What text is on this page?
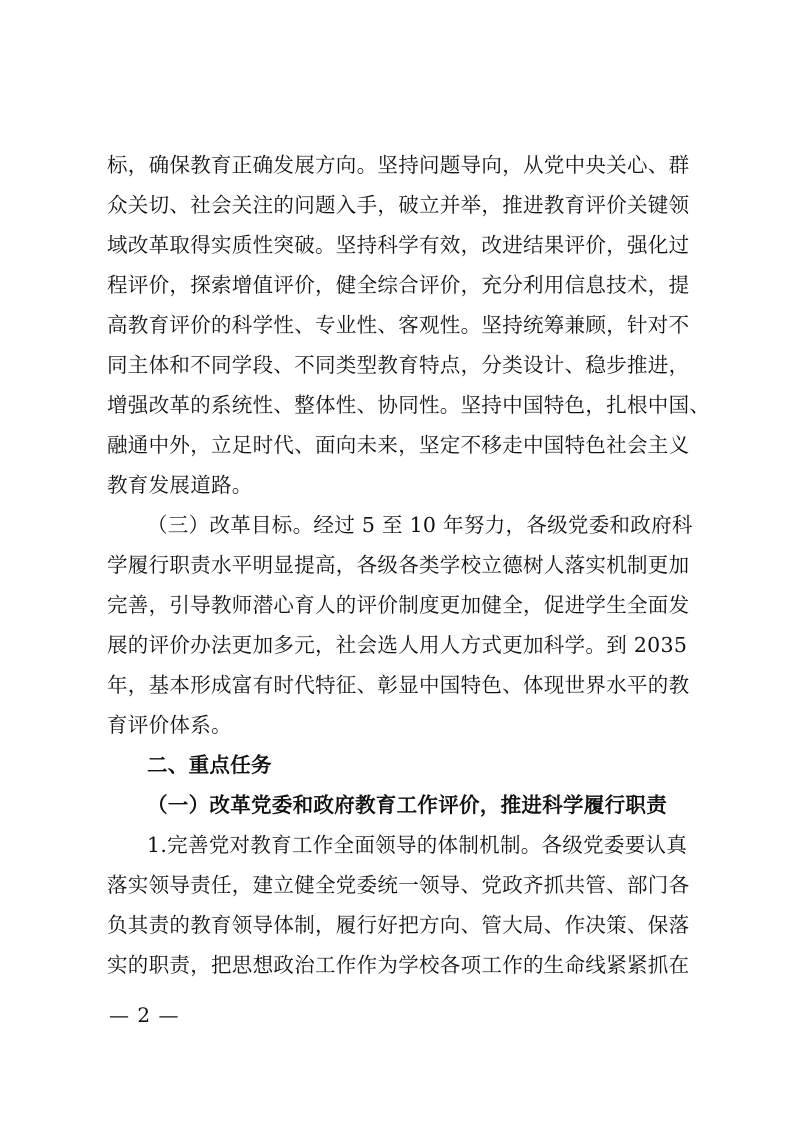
标，确保教育正确发展方向。坚持问题导向，从党中央关心、群
众关切、社会关注的问题入手，破立并举，推进教育评价关键领
域改革取得实质性突破。坚持科学有效，改进结果评价，强化过
程评价，探索增值评价，健全综合评价，充分利用信息技术，提
高教育评价的科学性、专业性、客观性。坚持统筹兼顾，针对不
同主体和不同学段、不同类型教育特点，分类设计、稳步推进，
增强改革的系统性、整体性、协同性。坚持中国特色，扎根中国、
融通中外，立足时代、面向未来，坚定不移走中国特色社会主义
教育发展道路。
（三）改革目标。经过 5 至 10 年努力，各级党委和政府科
学履行职责水平明显提高，各级各类学校立德树人落实机制更加
完善，引导教师潜心育人的评价制度更加健全，促进学生全面发
展的评价办法更加多元，社会选人用人方式更加科学。到 2035
年，基本形成富有时代特征、彰显中国特色、体现世界水平的教
育评价体系。
二、重点任务
（一）改革党委和政府教育工作评价，推进科学履行职责
1.完善党对教育工作全面领导的体制机制。各级党委要认真
落实领导责任，建立健全党委统一领导、党政齐抓共管、部门各
负其责的教育领导体制，履行好把方向、管大局、作决策、保落
实的职责，把思想政治工作作为学校各项工作的生命线紧紧抓在
— 2 —
